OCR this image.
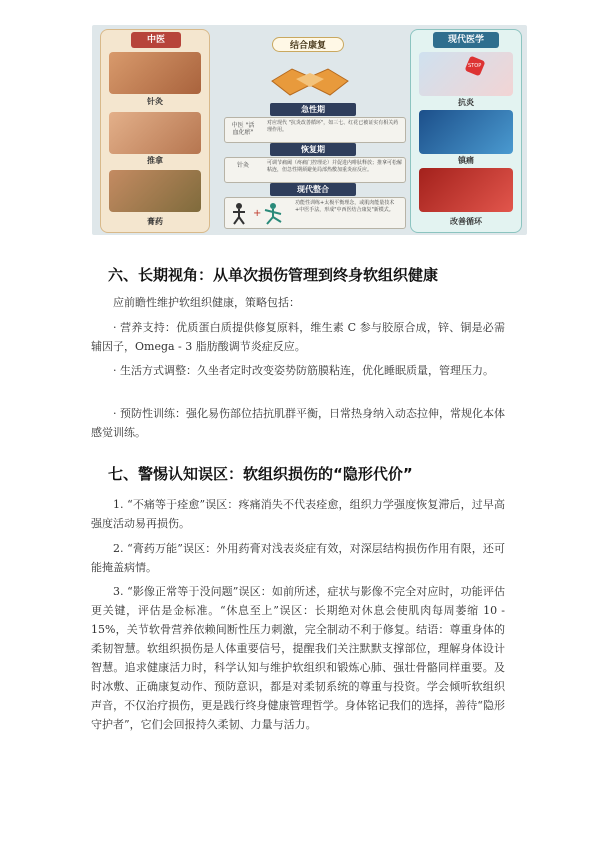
中医
针灸
推拿
膏药
结合康复
急性期
中医 "活血化瘀"
对应现代 "抗炎改善循环"，如三七、红花已被证实有相关药理作用。
恢复期
针灸	可调节痛阈（疼痛门控理论）并促进内啡肽释放；推拿可松解粘连，但急性期须避免局部热敷加重炎症反应。
现代整合
+
功能性训练+太极平衡理念，或肌肉能量技术+中医手法，形成"中西医结合康复"新模式。
现代医学
STOP
抗炎
镇痛
改善循环
六、长期视角：从单次损伤管理到终身软组织健康

应前瞻性维护软组织健康，策略包括：

· 营养支持：优质蛋白质提供修复原料，维生素 C 参与胶原合成，锌、铜是必需辅因子，Omega - 3 脂肪酸调节炎症反应。

· 生活方式调整：久坐者定时改变姿势防筋膜粘连，优化睡眠质量，管理压力。

· 预防性训练：强化易伤部位拮抗肌群平衡，日常热身纳入动态拉伸，常规化本体感觉训练。

七、警惕认知误区：软组织损伤的“隐形代价”

1. “不痛等于痊愈”误区：疼痛消失不代表痊愈，组织力学强度恢复滞后，过早高强度活动易再损伤。

2. “膏药万能”误区：外用药膏对浅表炎症有效，对深层结构损伤作用有限，还可能掩盖病情。

3. “影像正常等于没问题”误区：如前所述，症状与影像不完全对应时，功能评估更关键，评估是金标准。“休息至上”误区：长期绝对休息会使肌肉每周萎缩 10 - 15%，关节软骨营养依赖间断性压力刺激，完全制动不利于修复。结语：尊重身体的柔韧智慧。软组织损伤是人体重要信号，提醒我们关注默默支撑部位，理解身体设计智慧。追求健康活力时，科学认知与维护软组织和锻炼心肺、强壮骨骼同样重要。及时冰敷、正确康复动作、预防意识，都是对柔韧系统的尊重与投资。学会倾听软组织声音，不仅治疗损伤，更是践行终身健康管理哲学。身体铭记我们的选择，善待“隐形守护者”，它们会回报持久柔韧、力量与活力。
